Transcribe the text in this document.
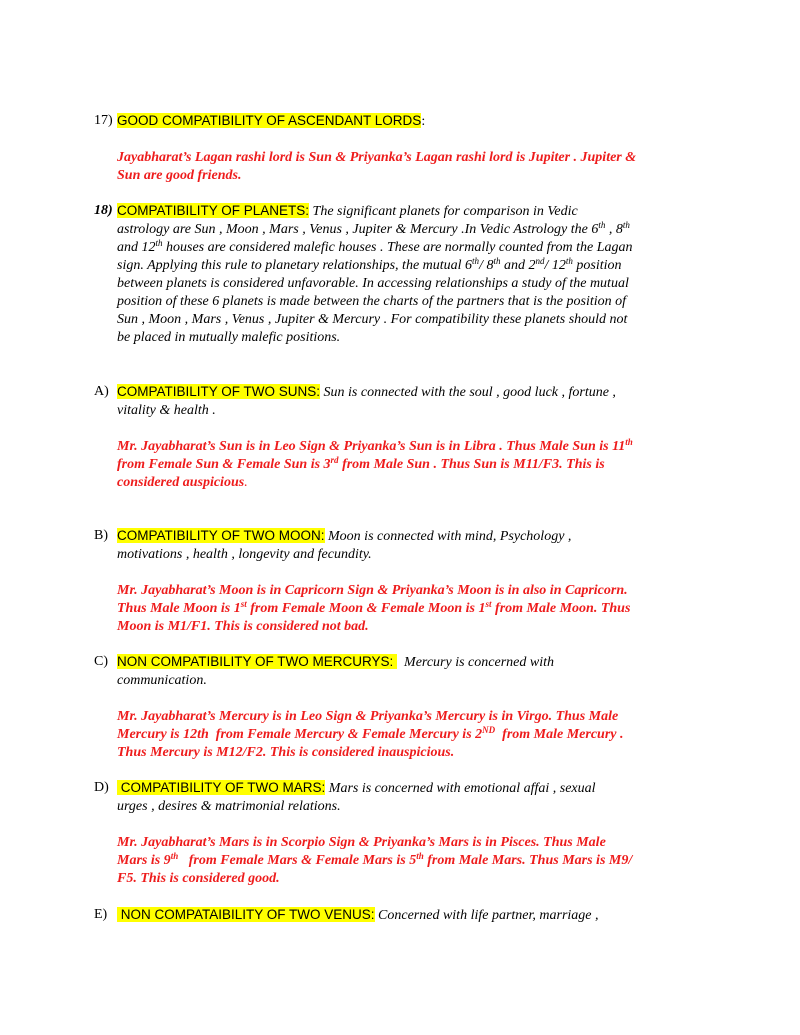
17) GOOD COMPATIBILITY OF ASCENDANT LORDS:
Jayabharat’s Lagan rashi lord is Sun & Priyanka’s Lagan rashi lord is Jupiter . Jupiter &
Sun are good friends.
18) COMPATIBILITY OF PLANETS: The significant planets for comparison in Vedic
astrology are Sun , Moon , Mars , Venus , Jupiter & Mercury .In Vedic Astrology the 6th , 8th
and 12th houses are considered malefic houses . These are normally counted from the Lagan
sign. Applying this rule to planetary relationships, the mutual 6th/ 8th and 2nd/ 12th position
between planets is considered unfavorable. In accessing relationships a study of the mutual
position of these 6 planets is made between the charts of the partners that is the position of
Sun , Moon , Mars , Venus , Jupiter & Mercury . For compatibility these planets should not
be placed in mutually malefic positions.
A) COMPATIBILITY OF TWO SUNS: Sun is connected with the soul , good luck , fortune ,
vitality & health .
Mr. Jayabharat’s Sun is in Leo Sign & Priyanka’s Sun is in Libra . Thus Male Sun is 11th
from Female Sun & Female Sun is 3rd from Male Sun . Thus Sun is M11/F3. This is
considered auspicious.
B) COMPATIBILITY OF TWO MOON: Moon is connected with mind, Psychology ,
motivations , health , longevity and fecundity.
Mr. Jayabharat’s Moon is in Capricorn Sign & Priyanka’s Moon is in also in Capricorn.
Thus Male Moon is 1st from Female Moon & Female Moon is 1st from Male Moon. Thus
Moon is M1/F1. This is considered not bad.
C) NON COMPATIBILITY OF TWO MERCURYS:   Mercury is concerned with
communication.
Mr. Jayabharat’s Mercury is in Leo Sign & Priyanka’s Mercury is in Virgo. Thus Male
Mercury is 12th  from Female Mercury & Female Mercury is 2ND  from Male Mercury .
Thus Mercury is M12/F2. This is considered inauspicious.
D) COMPATIBILITY OF TWO MARS: Mars is concerned with emotional affai , sexual
urges , desires & matrimonial relations.
Mr. Jayabharat’s Mars is in Scorpio Sign & Priyanka’s Mars is in Pisces. Thus Male
Mars is 9th   from Female Mars & Female Mars is 5th from Male Mars. Thus Mars is M9/
F5. This is considered good.
E) NON COMPATAIBILITY OF TWO VENUS: Concerned with life partner, marriage ,
